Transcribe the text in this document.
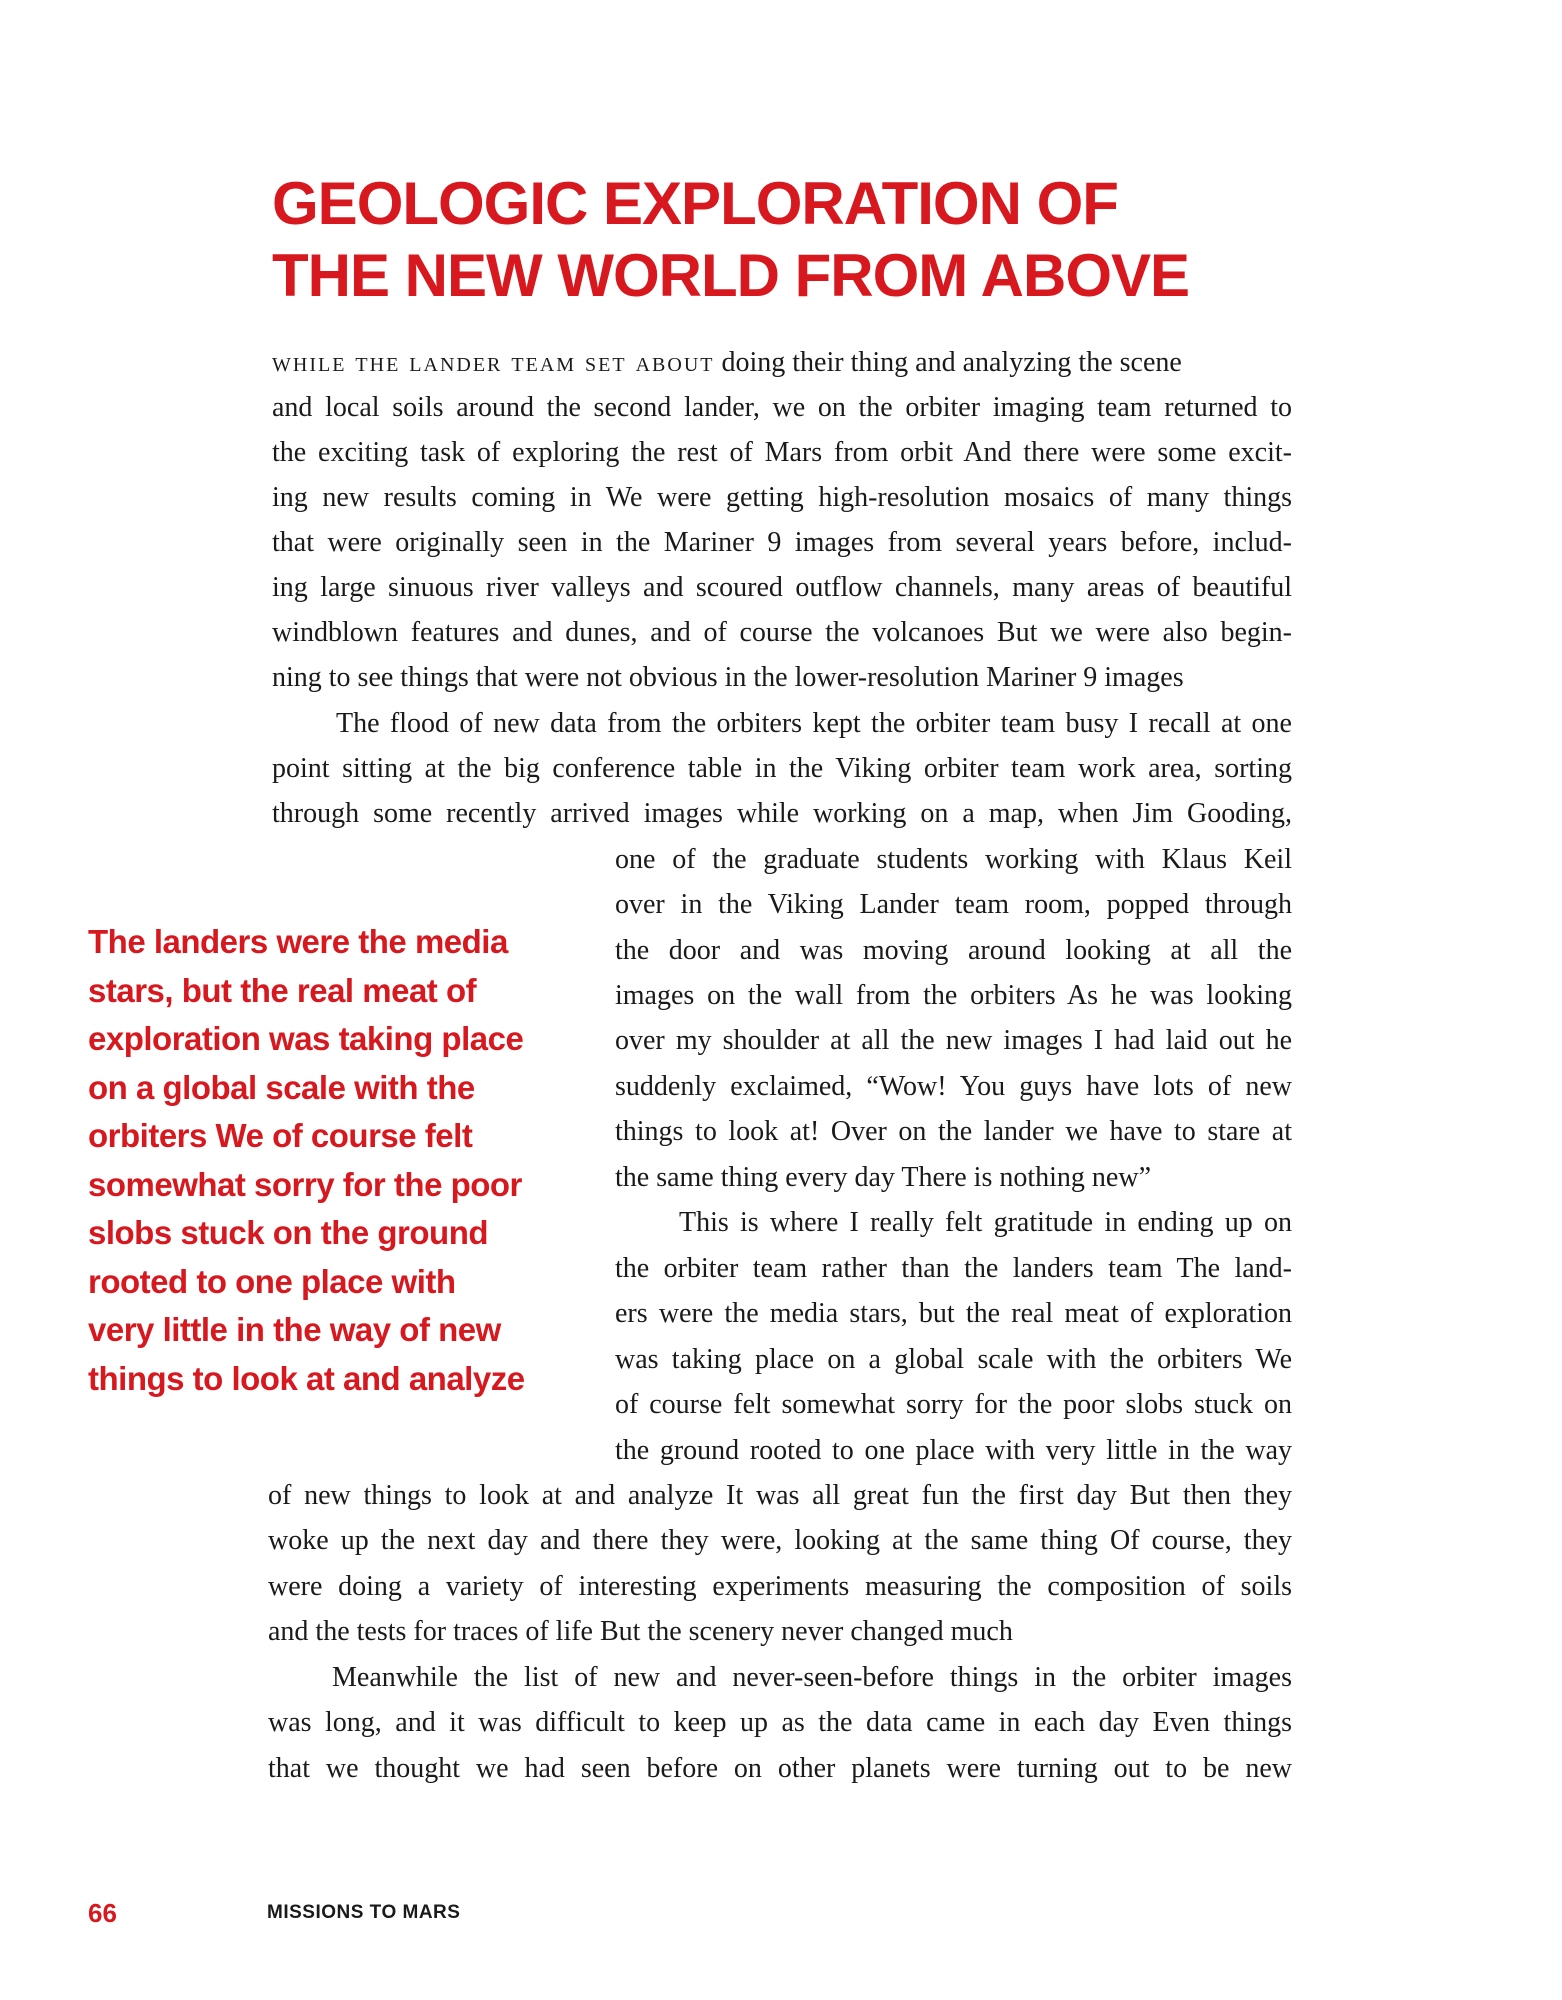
GEOLOGIC EXPLORATION OF
THE NEW WORLD FROM ABOVE
while the lander team set about doing their thing and analyzing the scene
and local soils around the second lander, we on the orbiter imaging team returned to
the exciting task of exploring the rest of Mars from orbit And there were some excit-
ing new results coming in We were getting high-resolution mosaics of many things
that were originally seen in the Mariner 9 images from several years before, includ-
ing large sinuous river valleys and scoured outflow channels, many areas of beautiful
windblown features and dunes, and of course the volcanoes But we were also begin-
ning to see things that were not obvious in the lower-resolution Mariner 9 images
The flood of new data from the orbiters kept the orbiter team busy I recall at one
point sitting at the big conference table in the Viking orbiter team work area, sorting
through some recently arrived images while working on a map, when Jim Gooding,
one of the graduate students working with Klaus Keil
over in the Viking Lander team room, popped through
the door and was moving around looking at all the
images on the wall from the orbiters As he was looking
over my shoulder at all the new images I had laid out he
suddenly exclaimed, “Wow! You guys have lots of new
things to look at! Over on the lander we have to stare at
the same thing every day There is nothing new”
This is where I really felt gratitude in ending up on
the orbiter team rather than the landers team The land-
ers were the media stars, but the real meat of exploration
was taking place on a global scale with the orbiters We
of course felt somewhat sorry for the poor slobs stuck on
the ground rooted to one place with very little in the way
of new things to look at and analyze It was all great fun the first day But then they
woke up the next day and there they were, looking at the same thing Of course, they
were doing a variety of interesting experiments measuring the composition of soils
and the tests for traces of life But the scenery never changed much
Meanwhile the list of new and never-seen-before things in the orbiter images
was long, and it was difficult to keep up as the data came in each day Even things
that we thought we had seen before on other planets were turning out to be new
The landers were the media
stars, but the real meat of
exploration was taking place
on a global scale with the
orbiters We of course felt
somewhat sorry for the poor
slobs stuck on the ground
rooted to one place with
very little in the way of new
things to look at and analyze
66	MISSIONS TO MARS
